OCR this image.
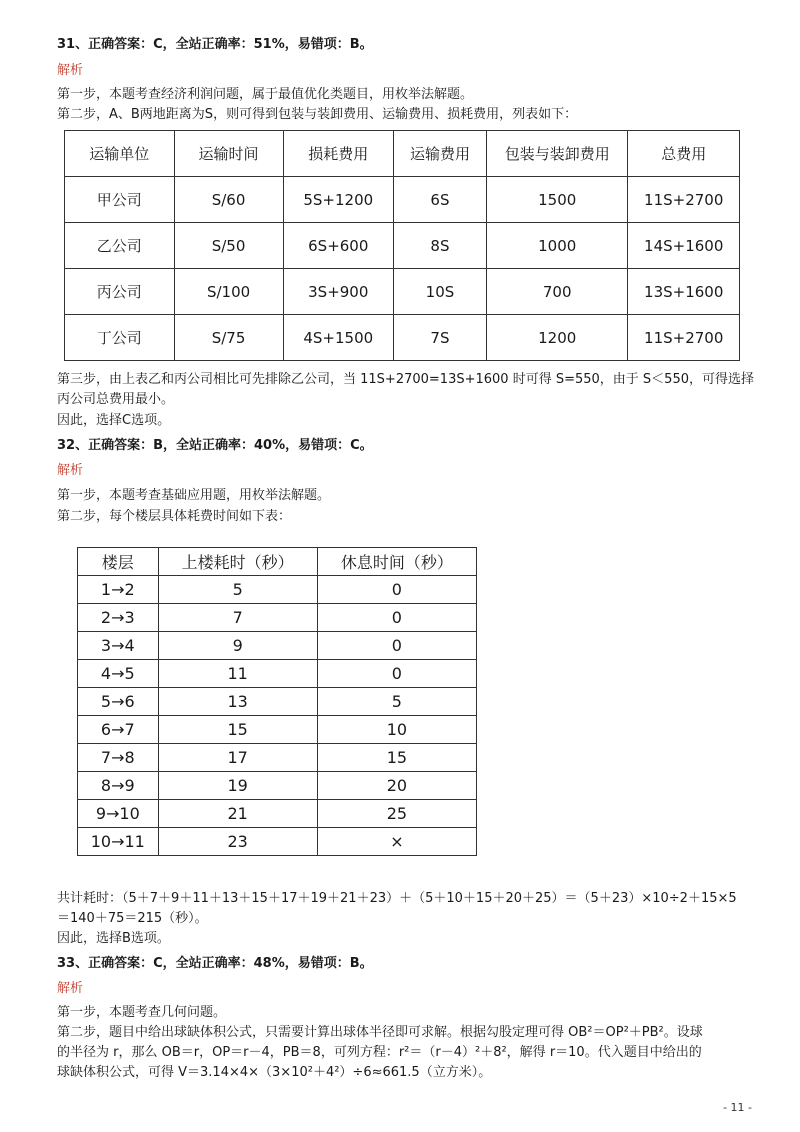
31、正确答案：C，全站正确率：51%，易错项：B。
解析
第一步，本题考查经济利润问题，属于最值优化类题目，用枚举法解题。
第二步，A、B两地距离为S，则可得到包装与装卸费用、运输费用、损耗费用，列表如下：
运输单位	运输时间	损耗费用	运输费用	包装与装卸费用	总费用
甲公司	S/60	5S+1200	6S	1500	11S+2700
乙公司	S/50	6S+600	8S	1000	14S+1600
丙公司	S/100	3S+900	10S	700	13S+1600
丁公司	S/75	4S+1500	7S	1200	11S+2700
第三步，由上表乙和丙公司相比可先排除乙公司，当 11S+2700=13S+1600 时可得 S=550，由于 S＜550，可得选择
丙公司总费用最小。
因此，选择C选项。
32、正确答案：B，全站正确率：40%，易错项：C。
解析
第一步，本题考查基础应用题，用枚举法解题。
第二步，每个楼层具体耗费时间如下表：
楼层	上楼耗时（秒）	休息时间（秒）
1→2	5	0
2→3	7	0
3→4	9	0
4→5	11	0
5→6	13	5
6→7	15	10
7→8	17	15
8→9	19	20
9→10	21	25
10→11	23	×
共计耗时：（5＋7＋9＋11＋13＋15＋17＋19＋21＋23）＋（5＋10＋15＋20＋25）＝（5＋23）×10÷2＋15×5
＝140＋75＝215（秒）。
因此，选择B选项。
33、正确答案：C，全站正确率：48%，易错项：B。
解析
第一步，本题考查几何问题。
第二步，题目中给出球缺体积公式，只需要计算出球体半径即可求解。根据勾股定理可得 OB²＝OP²＋PB²。设球
的半径为 r，那么 OB＝r，OP＝r－4，PB＝8，可列方程：r²＝（r－4）²＋8²，解得 r＝10。代入题目中给出的
球缺体积公式，可得 V＝3.14×4×（3×10²＋4²）÷6≈661.5（立方米）。
- 11 -
